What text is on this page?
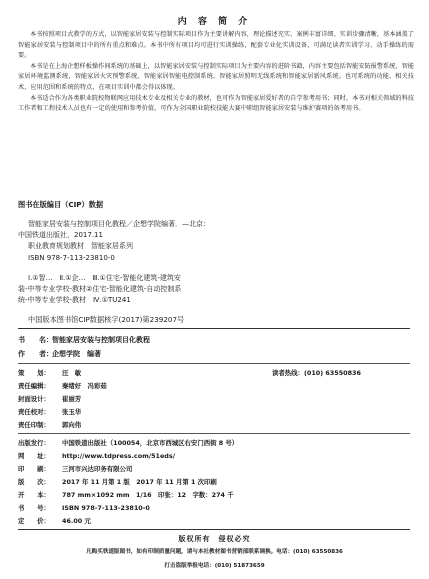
内 容 简 介

本书按照项目式教学的方式，以智能家居安装与控制实际项目作为主要讲解内容，理论描述充实、案例丰富详细、实训步骤清晰，基本涵盖了智能家居安装与控制项目中的所有重点和难点。本书中所有项目均可进行实训操练，配套专业化实训设备，可满足读者实训学习、动手操练的需要。

本书是在上海企想样板操作间系统的基础上，以智能家居安装与控制实际项目为主要内容的进阶书籍，内容主要包括智能安防报警系统、智能家居环境监测系统、智能家居火灾预警系统、智能家居智能电控制系统、智能家居照明无线系统和智能家居新风系统。也可系统的功能、相关技术、应用范围和系统的特点，在项目实训中都会得以体现。

本书适合作为各类职业院校物联网应用技术专业及相关专业的教材，也可作为智能家居爱好者的自学参考用书；同时，本书对相关领域的科技工作者和工程技术人员也有一定的使用和参考价值，可作为全国职业院校技能大赛中职组智能家居安装与维护赛项的备考用书。

图书在版编目（CIP）数据
智能家居安装与控制项目化教程／企想学院编著．—北京：
中国铁道出版社，2017.11
职业教育规划教材　智能家居系列
ISBN 978-7-113-23810-0
Ⅰ.①智…　Ⅱ.①企…　Ⅲ.①住宅-智能化建筑-建筑安
装-中等专业学校-教材②住宅-智能化建筑-自动控制系
统-中等专业学校-教材　Ⅳ.①TU241
中国版本图书馆CIP数据核字(2017)第239207号
书　　名：智能家居安装与控制项目化教程
作　　者：企想学院　编著
策　　划： 汪　敏	读者热线：(010) 63550836
责任编辑： 秦绪好　冯彩茹
封面设计： 崔丽芳
责任校对： 张玉华
责任印制： 郭向伟
出版发行： 中国铁道出版社（100054，北京市西城区右安门西街 8 号）
网　　址： http://www.tdpress.com/51eds/
印　　刷： 三河市兴达印务有限公司
版　　次： 2017 年 11 月第 1 版　2017 年 11 月第 1 次印刷
开　　本： 787 mm×1092 mm　1/16　印张：12　字数：274 千
书　　号： ISBN 978-7-113-23810-0
定　　价： 46.00 元
版权所有　侵权必究
凡购买铁道版图书，如有印制质量问题，请与本社教材图书营销部联系调换。电话：(010) 63550836
打击盗版举报电话：(010) 51873659
